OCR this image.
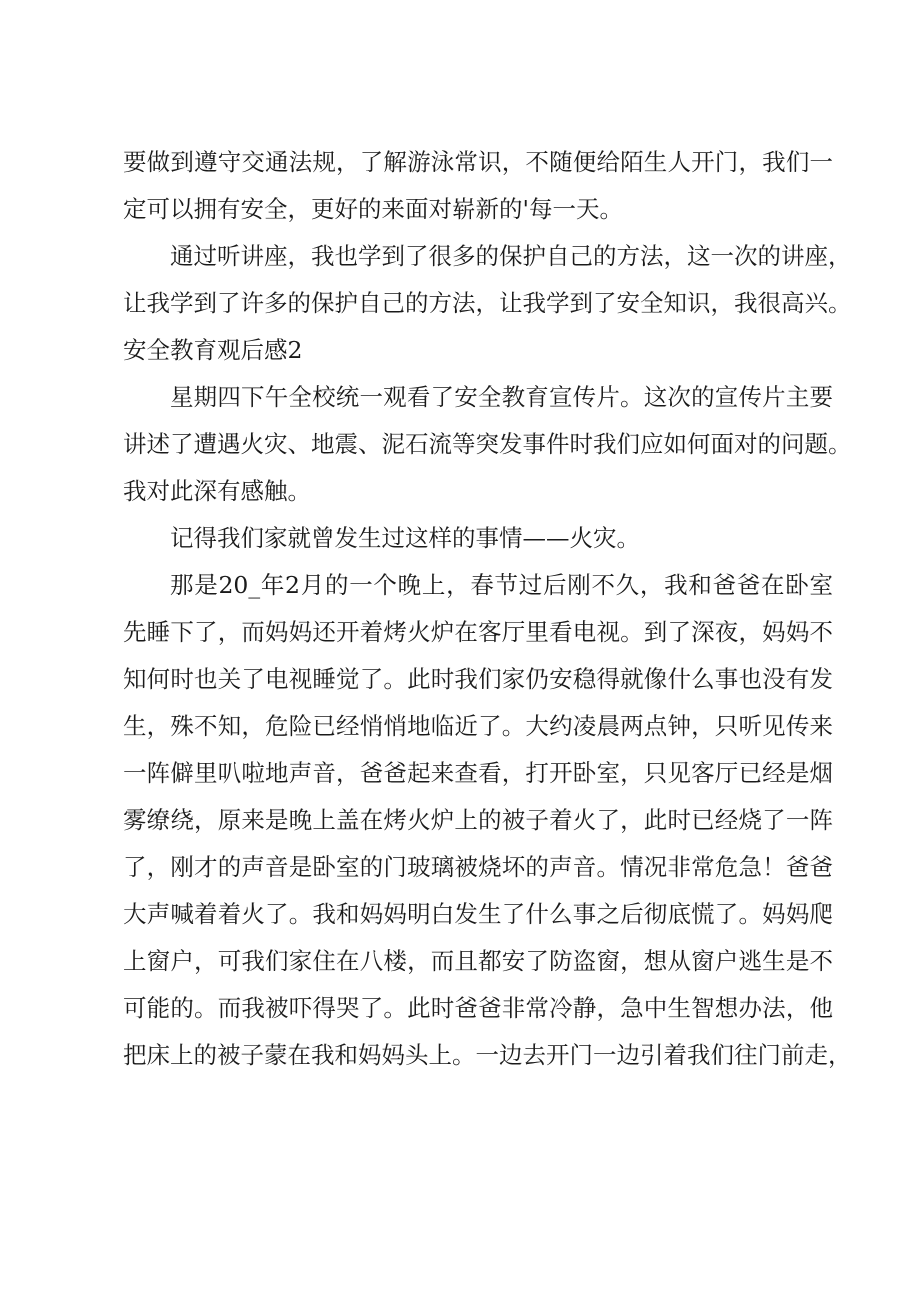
要做到遵守交通法规，了解游泳常识，不随便给陌生人开门，我们一
定可以拥有安全，更好的来面对崭新的'每一天。
通过听讲座，我也学到了很多的保护自己的方法，这一次的讲座，
让我学到了许多的保护自己的方法，让我学到了安全知识，我很高兴。
安全教育观后感2
星期四下午全校统一观看了安全教育宣传片。这次的宣传片主要
讲述了遭遇火灾、地震、泥石流等突发事件时我们应如何面对的问题。
我对此深有感触。
记得我们家就曾发生过这样的事情——火灾。
那是20_年2月的一个晚上，春节过后刚不久，我和爸爸在卧室
先睡下了，而妈妈还开着烤火炉在客厅里看电视。到了深夜，妈妈不
知何时也关了电视睡觉了。此时我们家仍安稳得就像什么事也没有发
生，殊不知，危险已经悄悄地临近了。大约凌晨两点钟，只听见传来
一阵僻里叭啦地声音，爸爸起来查看，打开卧室，只见客厅已经是烟
雾缭绕，原来是晚上盖在烤火炉上的被子着火了，此时已经烧了一阵
了，刚才的声音是卧室的门玻璃被烧坏的声音。情况非常危急！爸爸
大声喊着着火了。我和妈妈明白发生了什么事之后彻底慌了。妈妈爬
上窗户，可我们家住在八楼，而且都安了防盗窗，想从窗户逃生是不
可能的。而我被吓得哭了。此时爸爸非常冷静，急中生智想办法，他
把床上的被子蒙在我和妈妈头上。一边去开门一边引着我们往门前走，
